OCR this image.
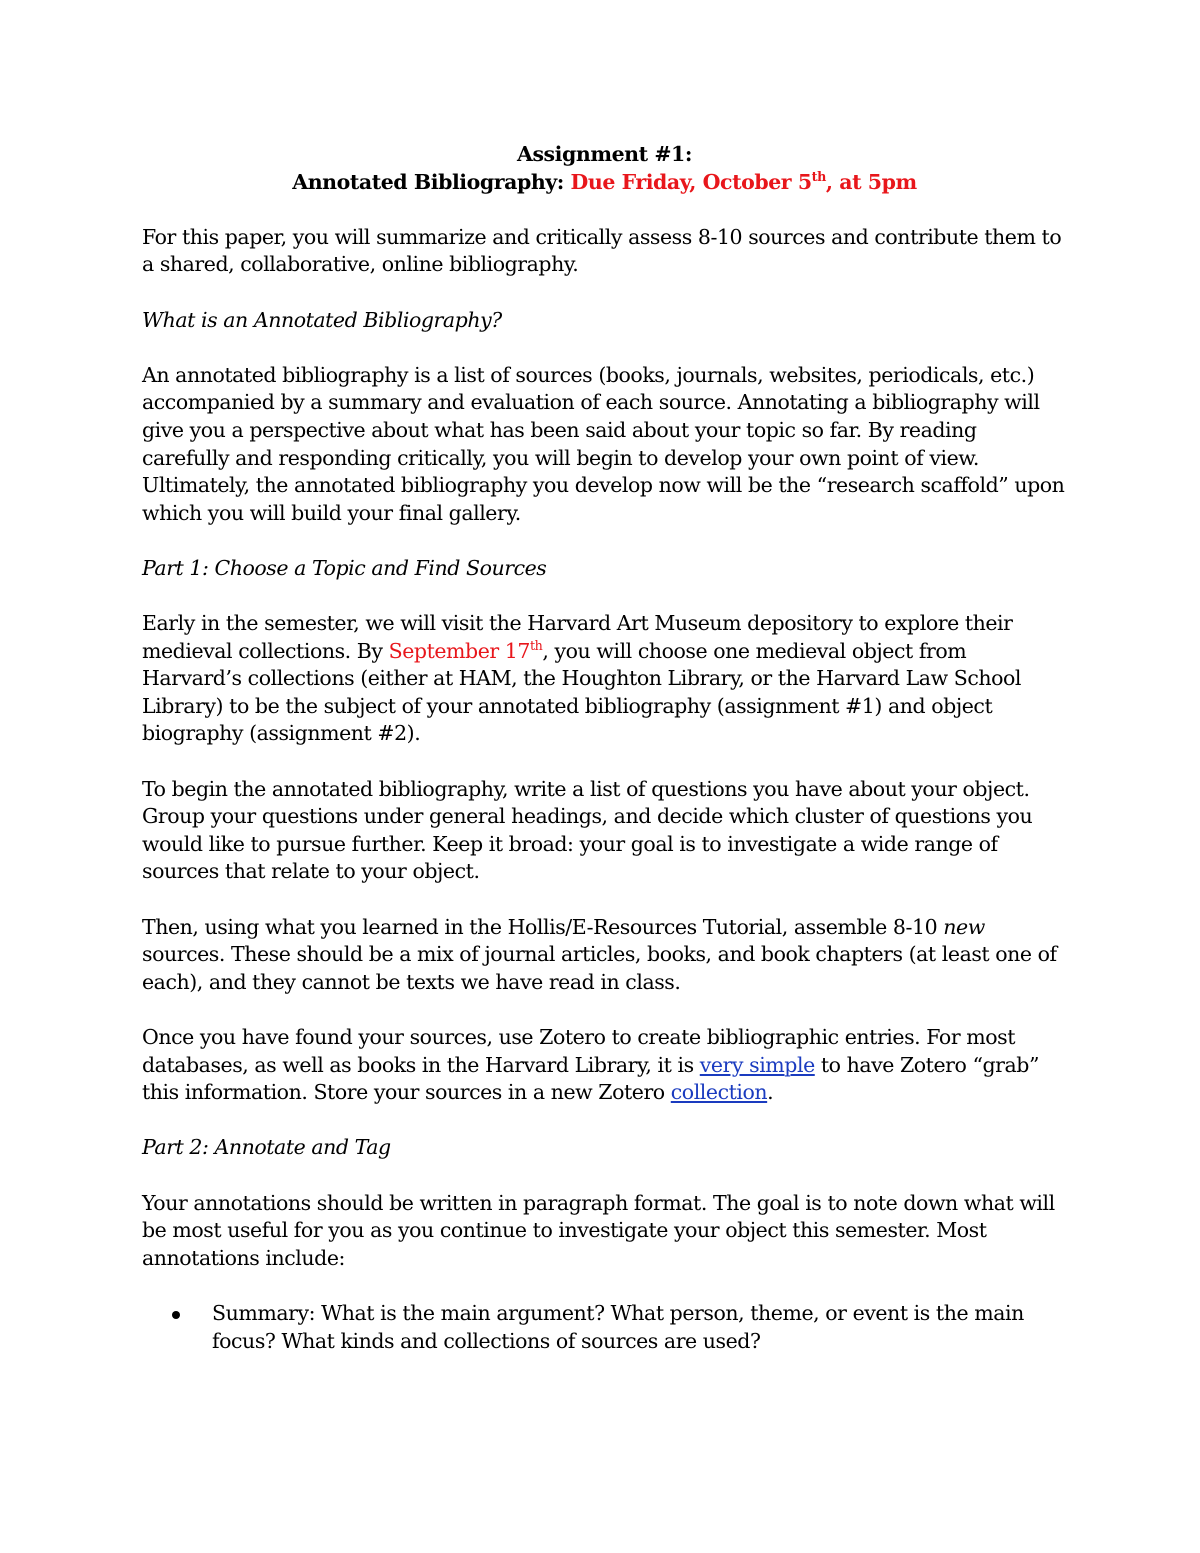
Assignment #1:
Annotated Bibliography: Due Friday, October 5th, at 5pm

For this paper, you will summarize and critically assess 8-10 sources and contribute them to a shared, collaborative, online bibliography.

What is an Annotated Bibliography?

An annotated bibliography is a list of sources (books, journals, websites, periodicals, etc.) accompanied by a summary and evaluation of each source. Annotating a bibliography will give you a perspective about what has been said about your topic so far. By reading carefully and responding critically, you will begin to develop your own point of view. Ultimately, the annotated bibliography you develop now will be the “research scaffold” upon which you will build your final gallery.

Part 1: Choose a Topic and Find Sources

Early in the semester, we will visit the Harvard Art Museum depository to explore their medieval collections. By September 17th, you will choose one medieval object from Harvard’s collections (either at HAM, the Houghton Library, or the Harvard Law School Library) to be the subject of your annotated bibliography (assignment #1) and object biography (assignment #2).

To begin the annotated bibliography, write a list of questions you have about your object. Group your questions under general headings, and decide which cluster of questions you would like to pursue further. Keep it broad: your goal is to investigate a wide range of sources that relate to your object.

Then, using what you learned in the Hollis/E-Resources Tutorial, assemble 8-10 new sources. These should be a mix of journal articles, books, and book chapters (at least one of each), and they cannot be texts we have read in class.

Once you have found your sources, use Zotero to create bibliographic entries. For most databases, as well as books in the Harvard Library, it is very simple to have Zotero “grab” this information. Store your sources in a new Zotero collection.

Part 2: Annotate and Tag

Your annotations should be written in paragraph format. The goal is to note down what will be most useful for you as you continue to investigate your object this semester. Most annotations include:

Summary: What is the main argument? What person, theme, or event is the main focus? What kinds and collections of sources are used?
